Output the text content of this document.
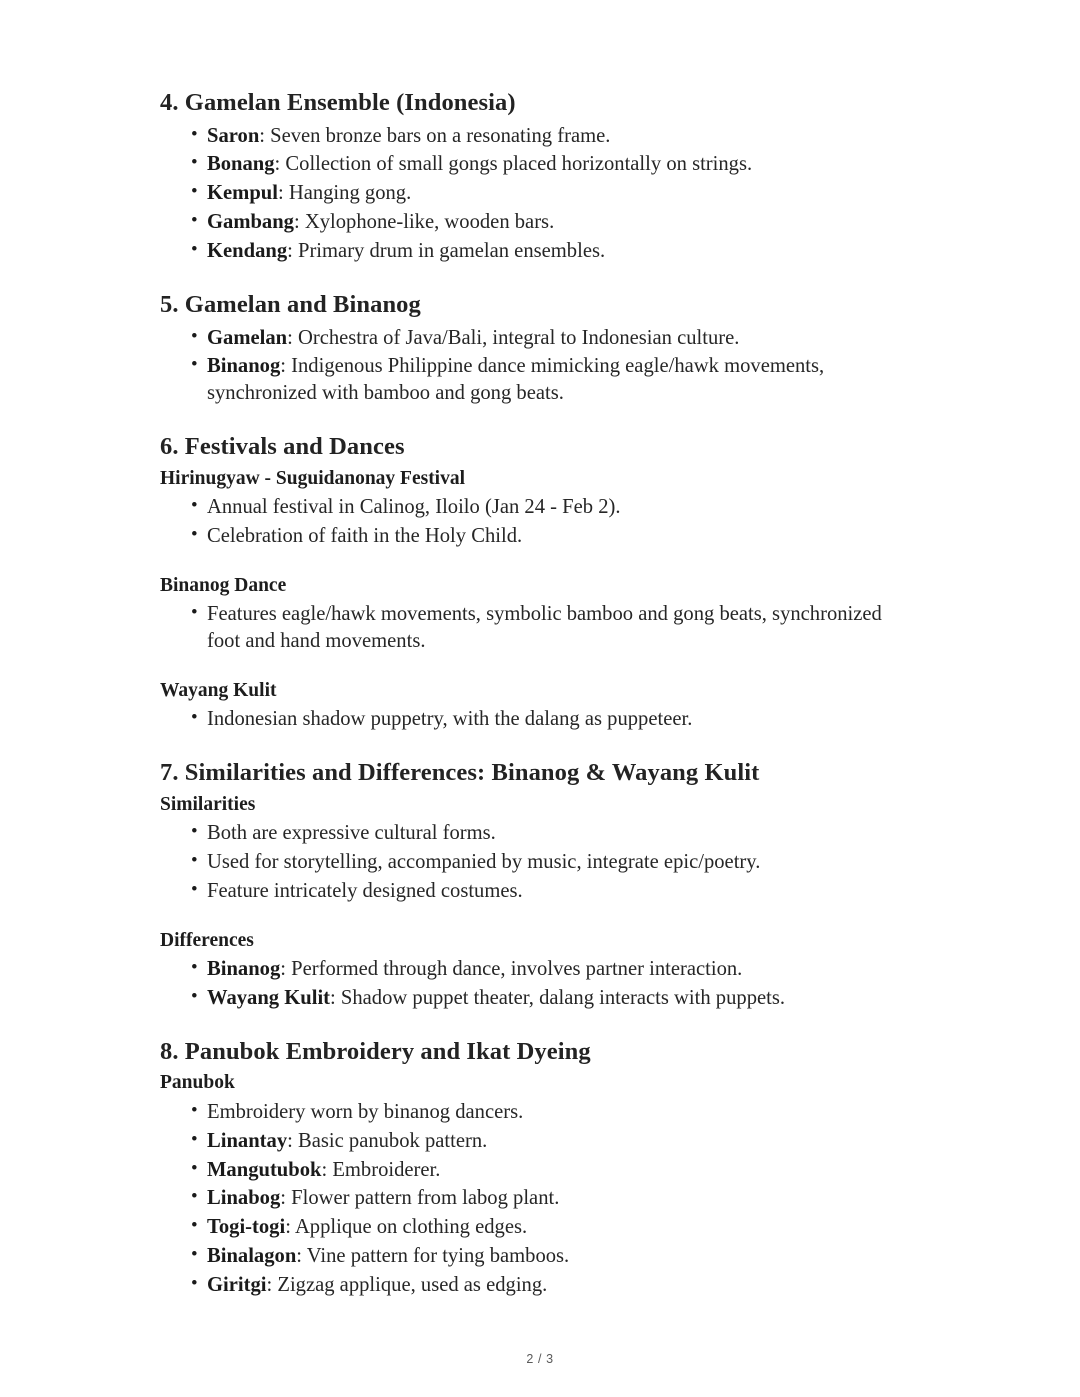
4. Gamelan Ensemble (Indonesia)
• Saron: Seven bronze bars on a resonating frame.
• Bonang: Collection of small gongs placed horizontally on strings.
• Kempul: Hanging gong.
• Gambang: Xylophone-like, wooden bars.
• Kendang: Primary drum in gamelan ensembles.
5. Gamelan and Binanog
• Gamelan: Orchestra of Java/Bali, integral to Indonesian culture.
• Binanog: Indigenous Philippine dance mimicking eagle/hawk movements, synchronized with bamboo and gong beats.
6. Festivals and Dances
Hirinugyaw - Suguidanonay Festival
• Annual festival in Calinog, Iloilo (Jan 24 - Feb 2).
• Celebration of faith in the Holy Child.
Binanog Dance
• Features eagle/hawk movements, symbolic bamboo and gong beats, synchronized foot and hand movements.
Wayang Kulit
• Indonesian shadow puppetry, with the dalang as puppeteer.
7. Similarities and Differences: Binanog & Wayang Kulit
Similarities
• Both are expressive cultural forms.
• Used for storytelling, accompanied by music, integrate epic/poetry.
• Feature intricately designed costumes.
Differences
• Binanog: Performed through dance, involves partner interaction.
• Wayang Kulit: Shadow puppet theater, dalang interacts with puppets.
8. Panubok Embroidery and Ikat Dyeing
Panubok
• Embroidery worn by binanog dancers.
• Linantay: Basic panubok pattern.
• Mangutubok: Embroiderer.
• Linabog: Flower pattern from labog plant.
• Togi-togi: Applique on clothing edges.
• Binalagon: Vine pattern for tying bamboos.
• Giritgi: Zigzag applique, used as edging.
2 / 3
